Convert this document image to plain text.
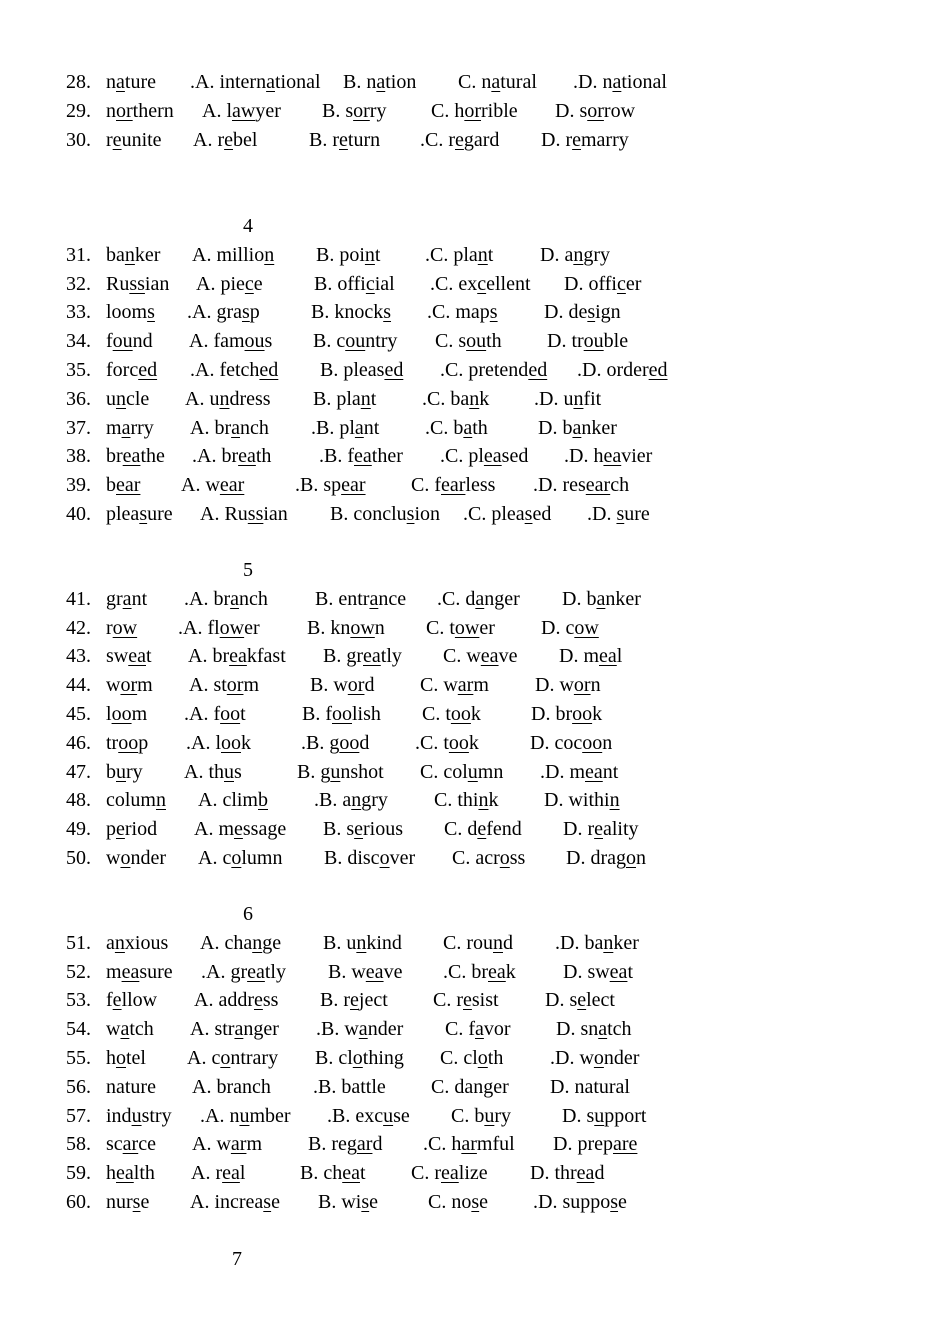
28. nature .A. international B. nation C. natural .D. national
29. northern A. lawyer B. sorry C. horrible D. sorrow
30. reunite A. rebel	B. return .C. regard D. remarry
4
31. banker A. million B. point .C. plant D. angry
32. Russian A. piece	B. official .C. excellent D. officer
33. looms .A. grasp	B. knocks .C. maps D. design
34. found A. famous B. country C. south D. trouble
35. forced .A. fetched B. pleased .C. pretended .D. ordered
36. uncle A. undress B. plant .C. bank .D. unfit
37. marry A. branch .B. plant .C. bath	D. banker
38. breathe .A. breath .B. feather .C. pleased .D. heavier
39. bear A. wear	.B. spear C. fearless .D. research
40. pleasure A. Russian B. conclusion .C. pleased .D. sure
5
41. grant .A. branch B. entrance .C. danger D. banker
42. row .A. flower B. known C. tower D. cow
43. sweat A. breakfast B. greatly C. weave D. meal
44. worm A. storm	B. word C. warm D. worn
45. loom .A. foot	B. foolish C. took	D. brook
46. troop .A. look	.B. good .C. took	D. cocoon
47. bury A. thus	B. gunshot C. column .D. meant
48. column A. climb .B. angry C. think D. within
49. period A. message B. serious C. defend D. reality
50. wonder A. column B. discover C. across D. dragon
6
51. anxious A. change B. unkind C. round .D. banker
52. measure .A. greatly B. weave .C. break D. sweat
53. fellow A. address B. reject C. resist D. select
54. watch A. stranger .B. wander C. favor D. snatch
55. hotel A. contrary B. clothing C. cloth .D. wonder
56. nature A. branch .B. battle C. danger D. natural
57. industry .A. number .B. excuse C. bury	D. support
58. scarce A. warm B. regard .C. harmful D. prepare
59. health A. real	B. cheat C. realize D. thread
60. nurse A. increase B. wise C. nose .D. suppose
7
